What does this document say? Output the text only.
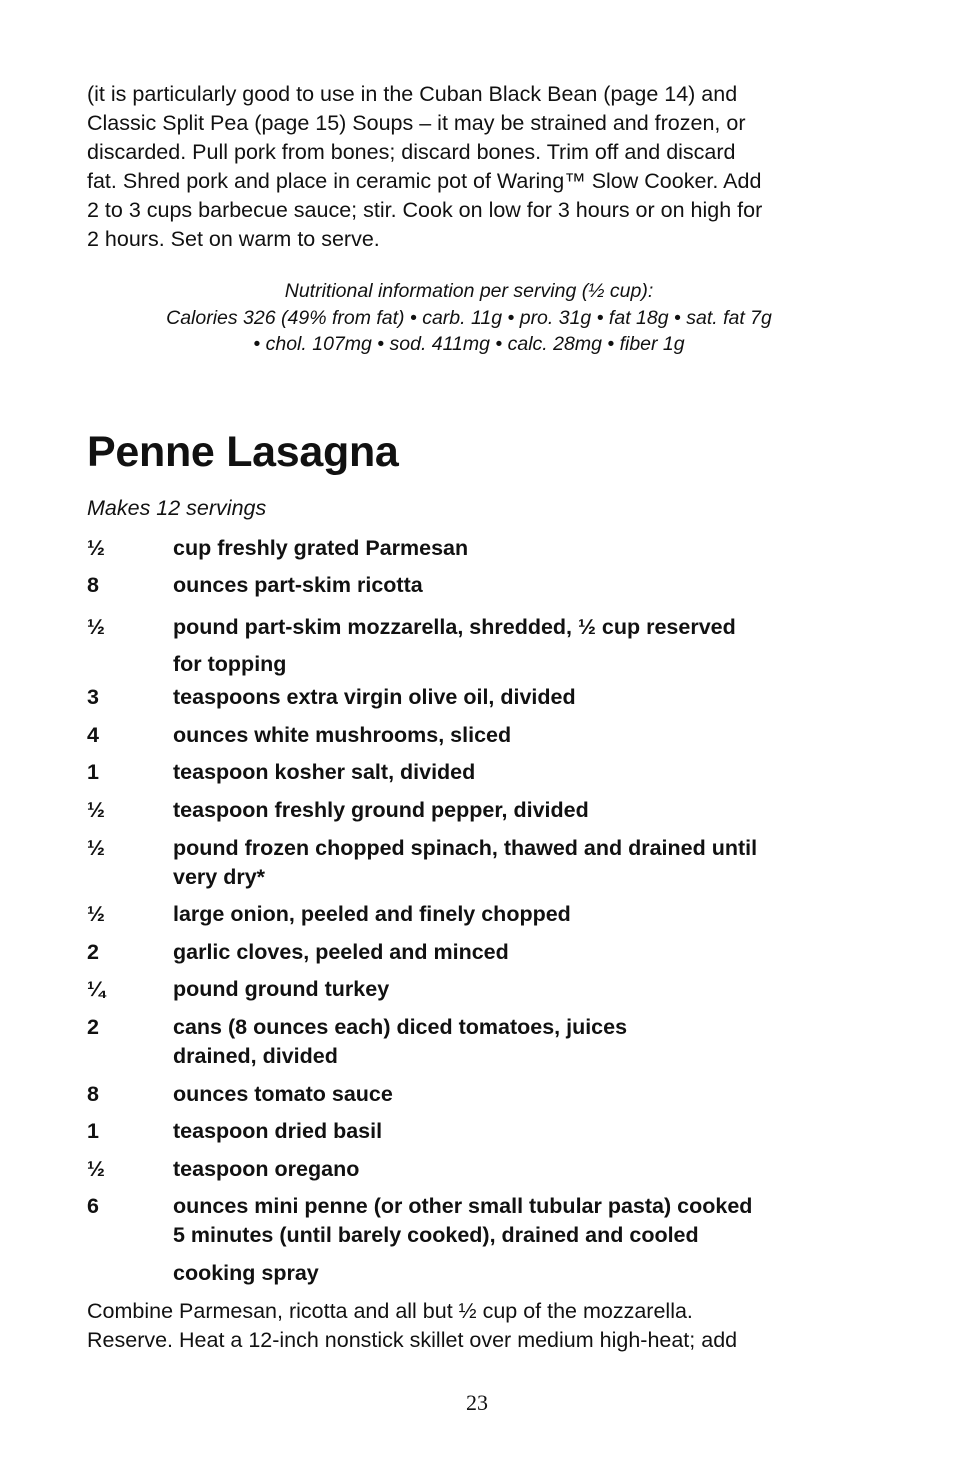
(it is particularly good to use in the Cuban Black Bean (page 14) and
Classic Split Pea (page 15) Soups – it may be strained and frozen, or
discarded. Pull pork from bones; discard bones. Trim off and discard
fat. Shred pork and place in ceramic pot of Waring™ Slow Cooker. Add
2 to 3 cups barbecue sauce; stir. Cook on low for 3 hours or on high for
2 hours. Set on warm to serve.
Nutritional information per serving (½ cup):
Calories 326 (49% from fat) • carb. 11g • pro. 31g • fat 18g • sat. fat 7g
• chol. 107mg • sod. 411mg • calc. 28mg • fiber 1g
Penne Lasagna
Makes 12 servings
½	cup freshly grated Parmesan
8	ounces part-skim ricotta
½	pound part-skim mozzarella, shredded, ½ cup reserved
for topping
3	teaspoons extra virgin olive oil, divided
4	ounces white mushrooms, sliced
1	teaspoon kosher salt, divided
½	teaspoon freshly ground pepper, divided
½	pound frozen chopped spinach, thawed and drained until
very dry*
½	large onion, peeled and finely chopped
2	garlic cloves, peeled and minced
¼	pound ground turkey
2	cans (8 ounces each) diced tomatoes, juices
drained, divided
8	ounces tomato sauce
1	teaspoon dried basil
½	teaspoon oregano
6	ounces mini penne (or other small tubular pasta) cooked
5 minutes (until barely cooked), drained and cooled
cooking spray
Combine Parmesan, ricotta and all but ½ cup of the mozzarella.
Reserve. Heat a 12-inch nonstick skillet over medium high-heat; add
23
